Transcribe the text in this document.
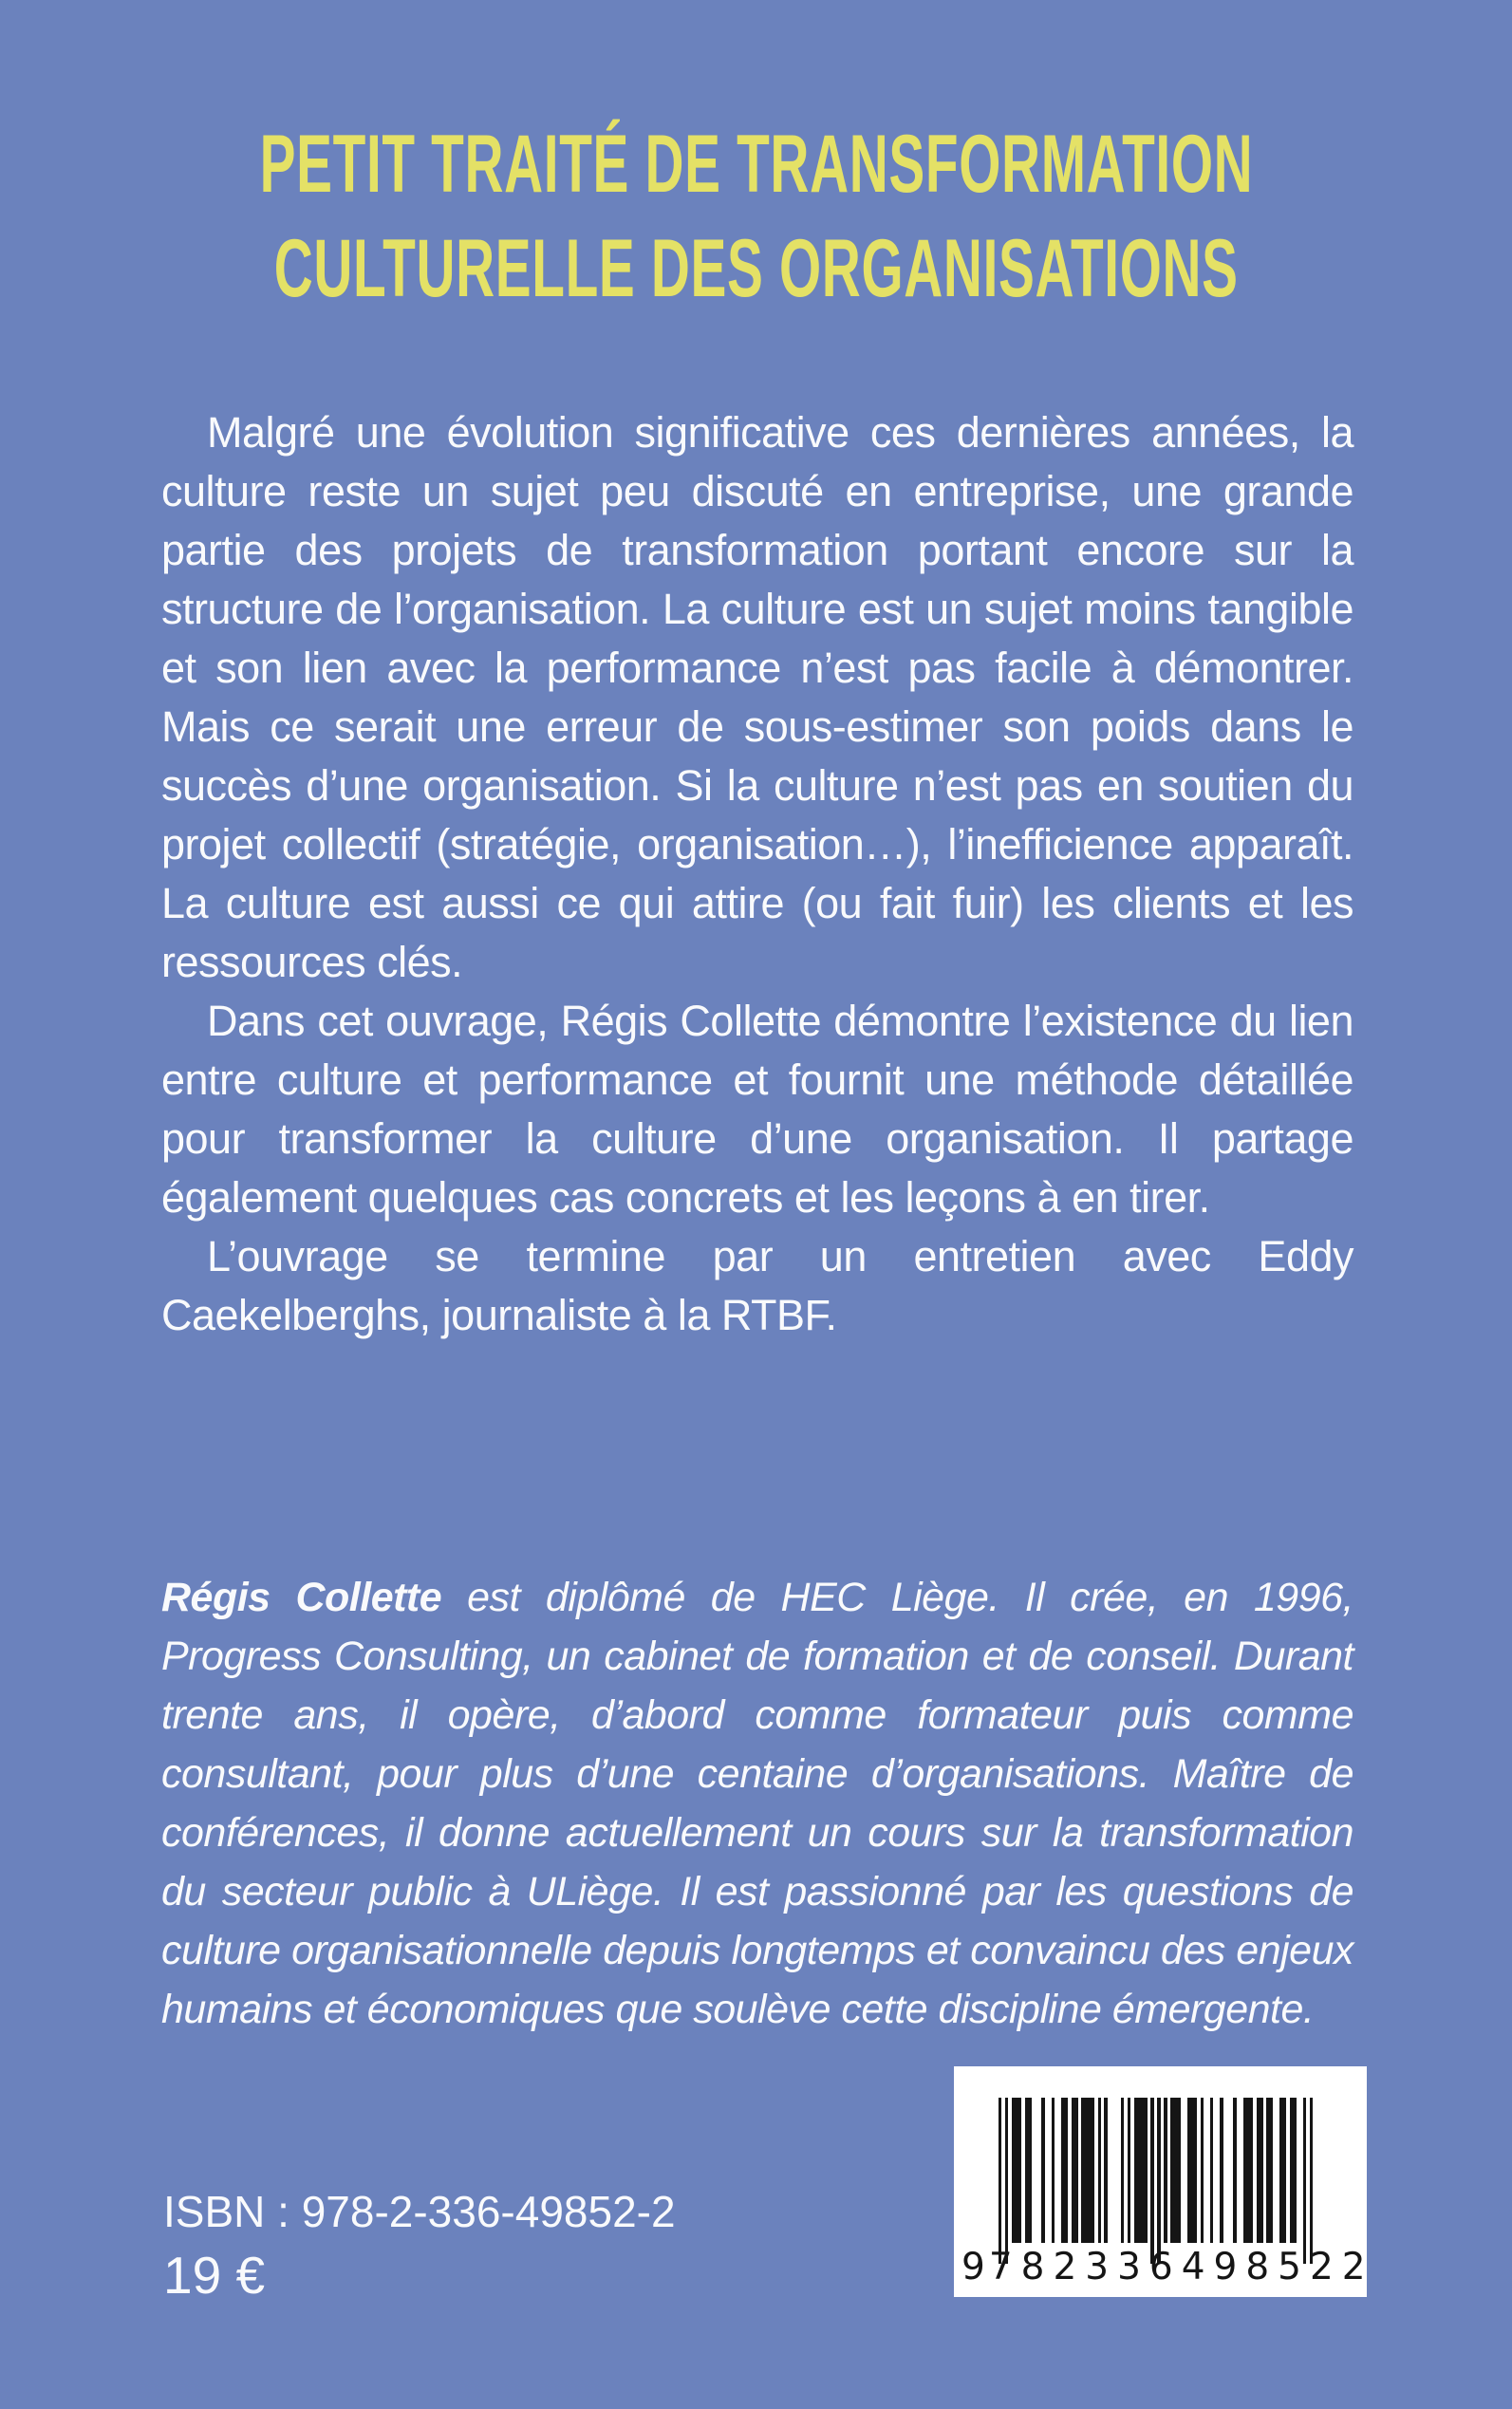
PETIT TRAITÉ DE TRANSFORMATION
CULTURELLE DES ORGANISATIONS

Malgré une évolution significative ces dernières années, la culture reste un sujet peu discuté en entreprise, une grande partie des projets de transformation portant encore sur la structure de l’organisation. La culture est un sujet moins tangible et son lien avec la performance n’est pas facile à démontrer. Mais ce serait une erreur de sous-estimer son poids dans le succès d’une organisation. Si la culture n’est pas en soutien du projet collectif (stratégie, organisation…), l’inefficience apparaît. La culture est aussi ce qui attire (ou fait fuir) les clients et les ressources clés.

Dans cet ouvrage, Régis Collette démontre l’existence du lien entre culture et performance et fournit une méthode détaillée pour transformer la culture d’une organisation. Il partage également quelques cas concrets et les leçons à en tirer.

L’ouvrage se termine par un entretien avec Eddy Caekelberghs, journaliste à la RTBF.

Régis Collette est diplômé de HEC Liège. Il crée, en 1996, Progress Consulting, un cabinet de formation et de conseil. Durant trente ans, il opère, d’abord comme formateur puis comme consultant, pour plus d’une centaine d’organisations. Maître de conférences, il donne actuellement un cours sur la transformation du secteur public à ULiège. Il est passionné par les questions de culture organisationnelle depuis longtemps et convaincu des enjeux humains et économiques que soulève cette discipline émergente.

ISBN : 978-2-336-49852-2
19 €	9 782336 498522
